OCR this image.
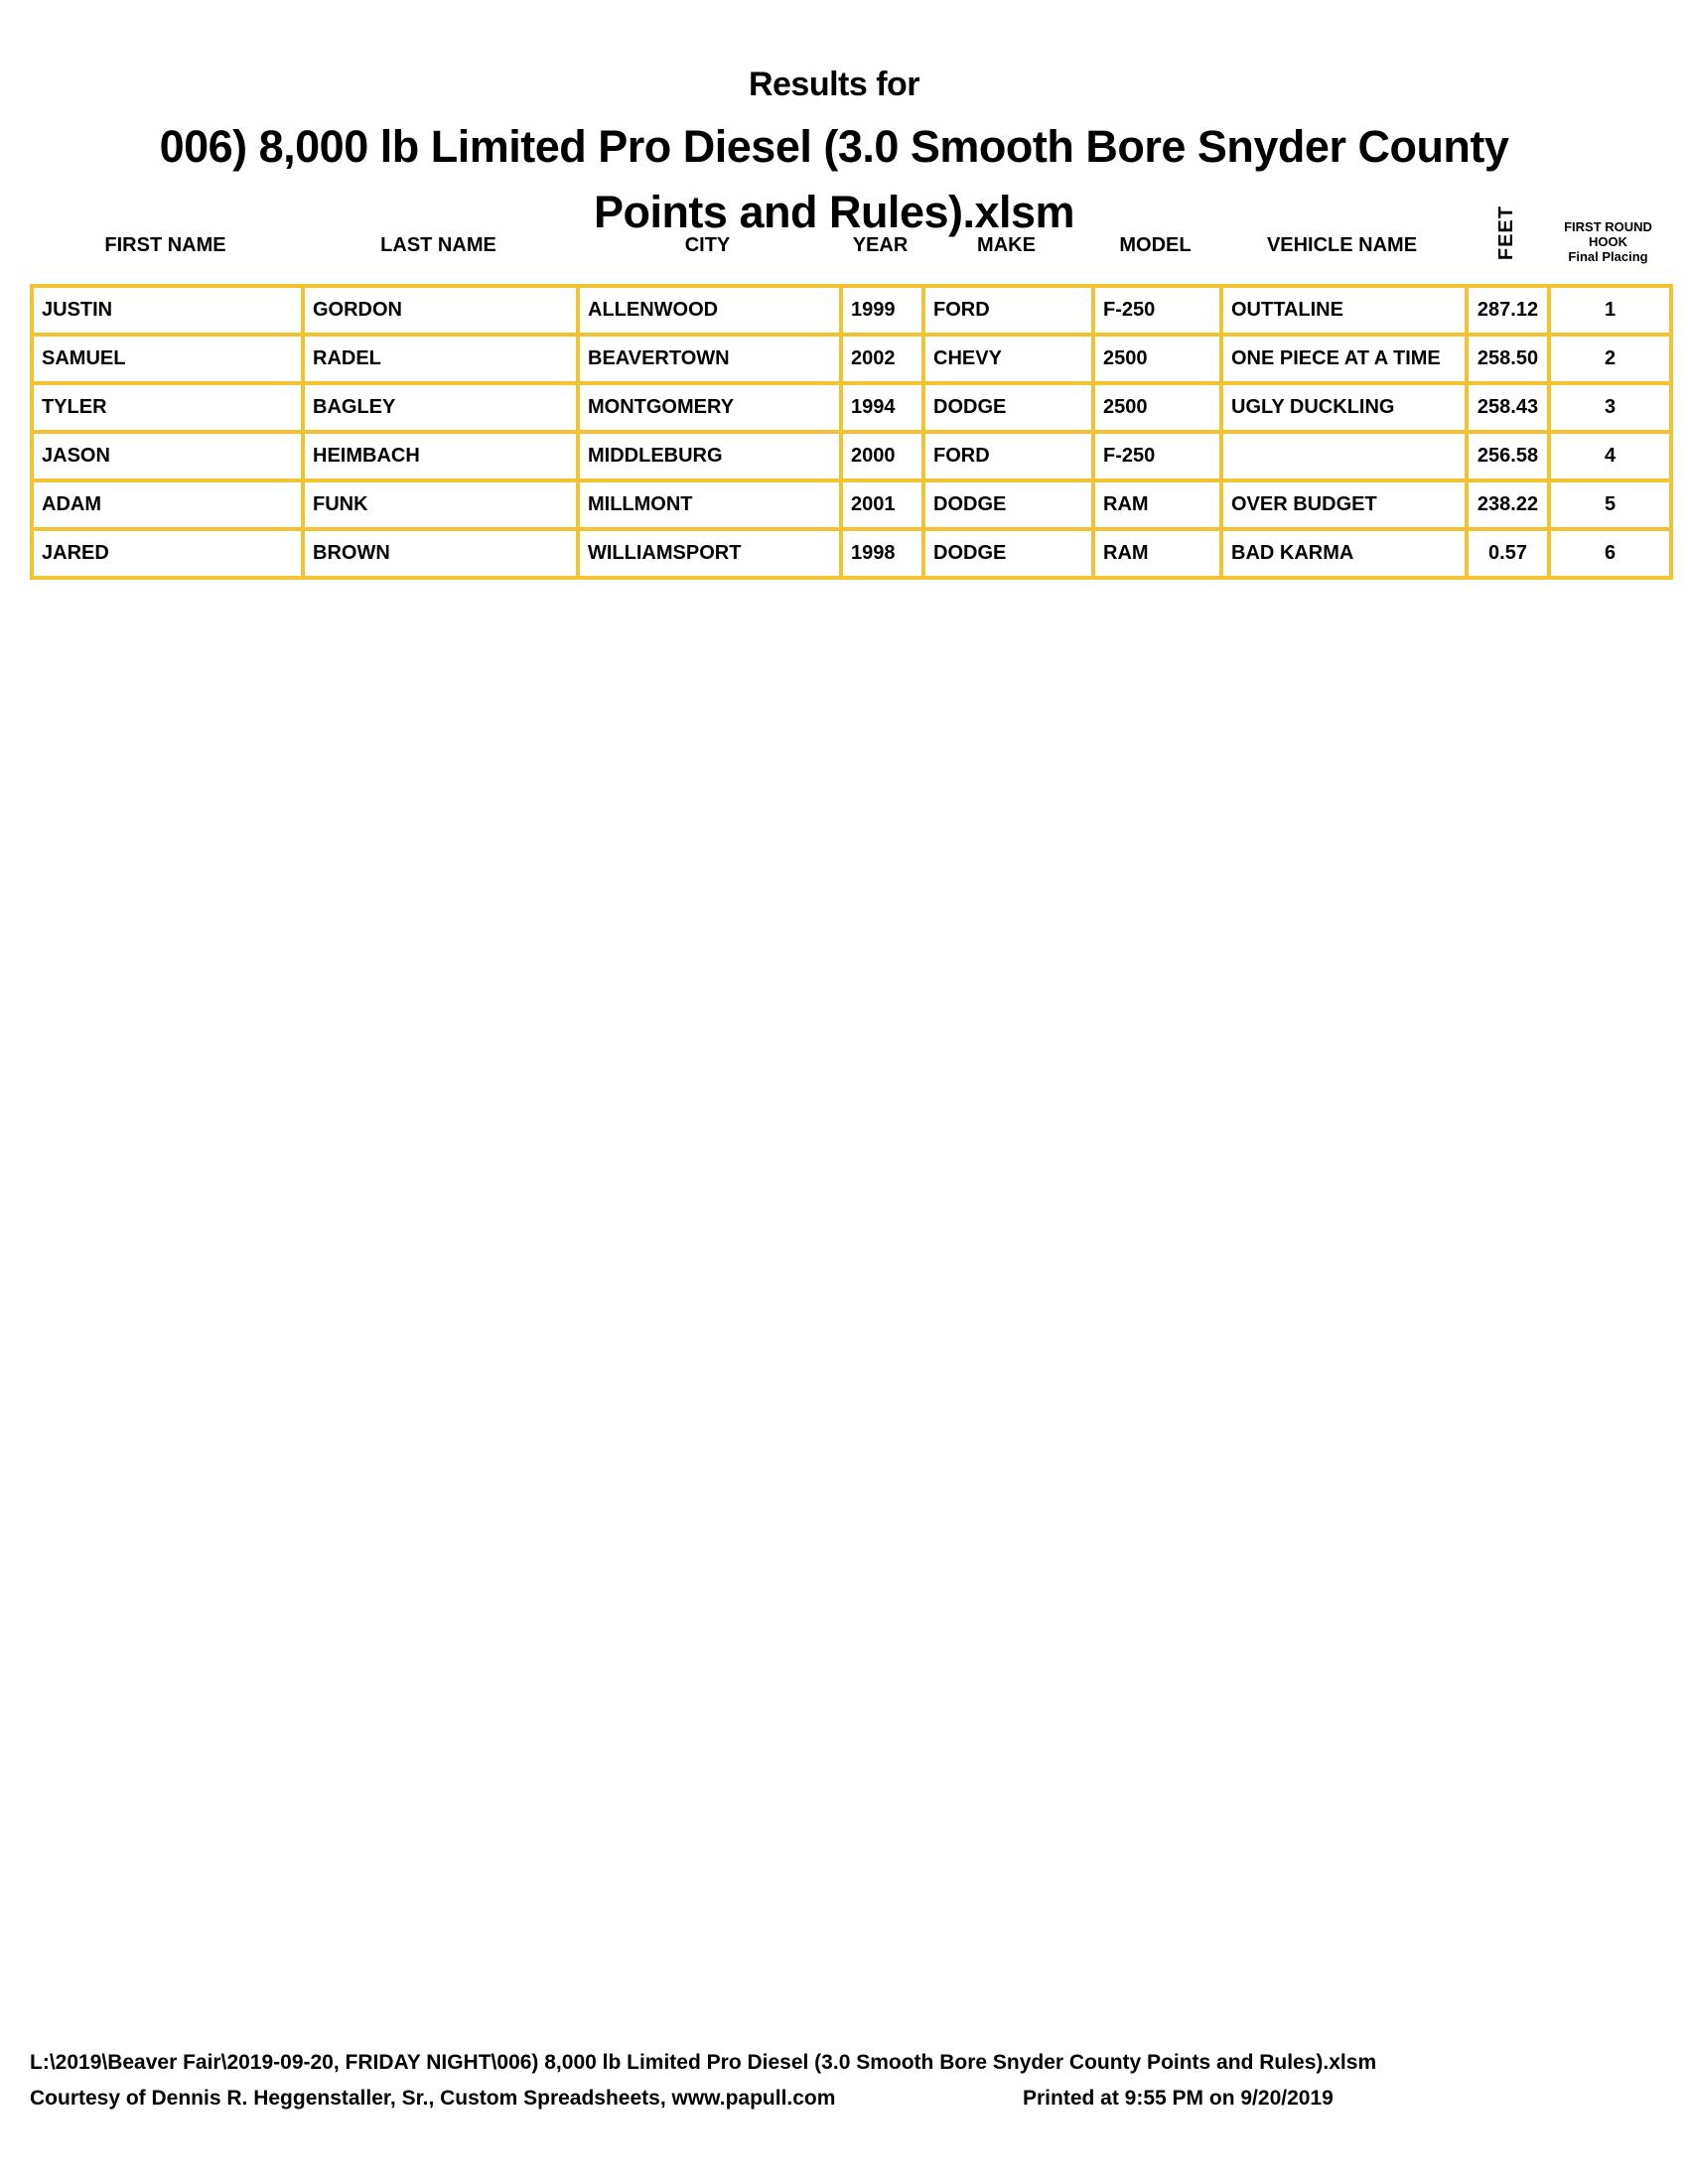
Results for
006) 8,000 lb Limited Pro Diesel (3.0 Smooth Bore Snyder County
Points and Rules).xlsm
FIRST NAME	LAST NAME	CITY	YEAR	MAKE	MODEL	VEHICLE NAME	FEET	FIRST ROUND
HOOK
Final Placing
JUSTIN	GORDON	ALLENWOOD	1999	FORD	F-250	OUTTALINE	287.12	1
SAMUEL	RADEL	BEAVERTOWN	2002	CHEVY	2500	ONE PIECE AT A TIME	258.50	2
TYLER	BAGLEY	MONTGOMERY	1994	DODGE	2500	UGLY DUCKLING	258.43	3
JASON	HEIMBACH	MIDDLEBURG	2000	FORD	F-250		256.58	4
ADAM	FUNK	MILLMONT	2001	DODGE	RAM	OVER BUDGET	238.22	5
JARED	BROWN	WILLIAMSPORT	1998	DODGE	RAM	BAD KARMA	0.57	6
L:\2019\Beaver Fair\2019-09-20, FRIDAY NIGHT\006) 8,000 lb Limited Pro Diesel (3.0 Smooth Bore Snyder County Points and Rules).xlsm
Courtesy of Dennis R. Heggenstaller, Sr., Custom Spreadsheets, www.papull.com	Printed at 9:55 PM on 9/20/2019
